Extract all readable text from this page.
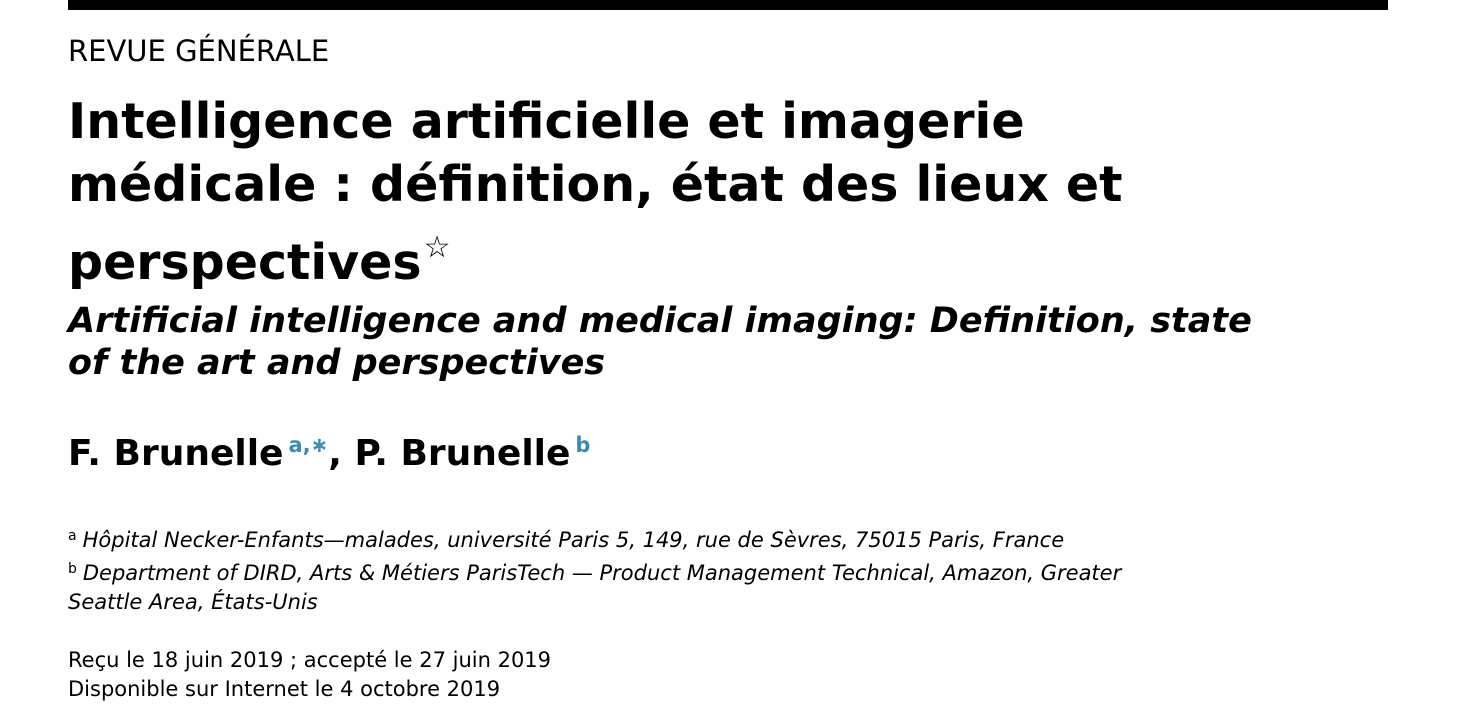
REVUE GÉNÉRALE
Intelligence artificielle et imagerie
médicale : définition, état des lieux et
perspectives☆
Artificial intelligence and medical imaging: Definition, state
of the art and perspectives
F. Brunelle $^{a,∗}$, P. Brunelle $^b$
$^a$ Hôpital Necker-Enfants—malades, université Paris 5, 149, rue de Sèvres, 75015 Paris, France
$^b$ Department of DIRD, Arts & Métiers ParisTech — Product Management Technical, Amazon, Greater Seattle Area, États-Unis
Reçu le 18 juin 2019 ; accepté le 27 juin 2019
Disponible sur Internet le 4 octobre 2019
